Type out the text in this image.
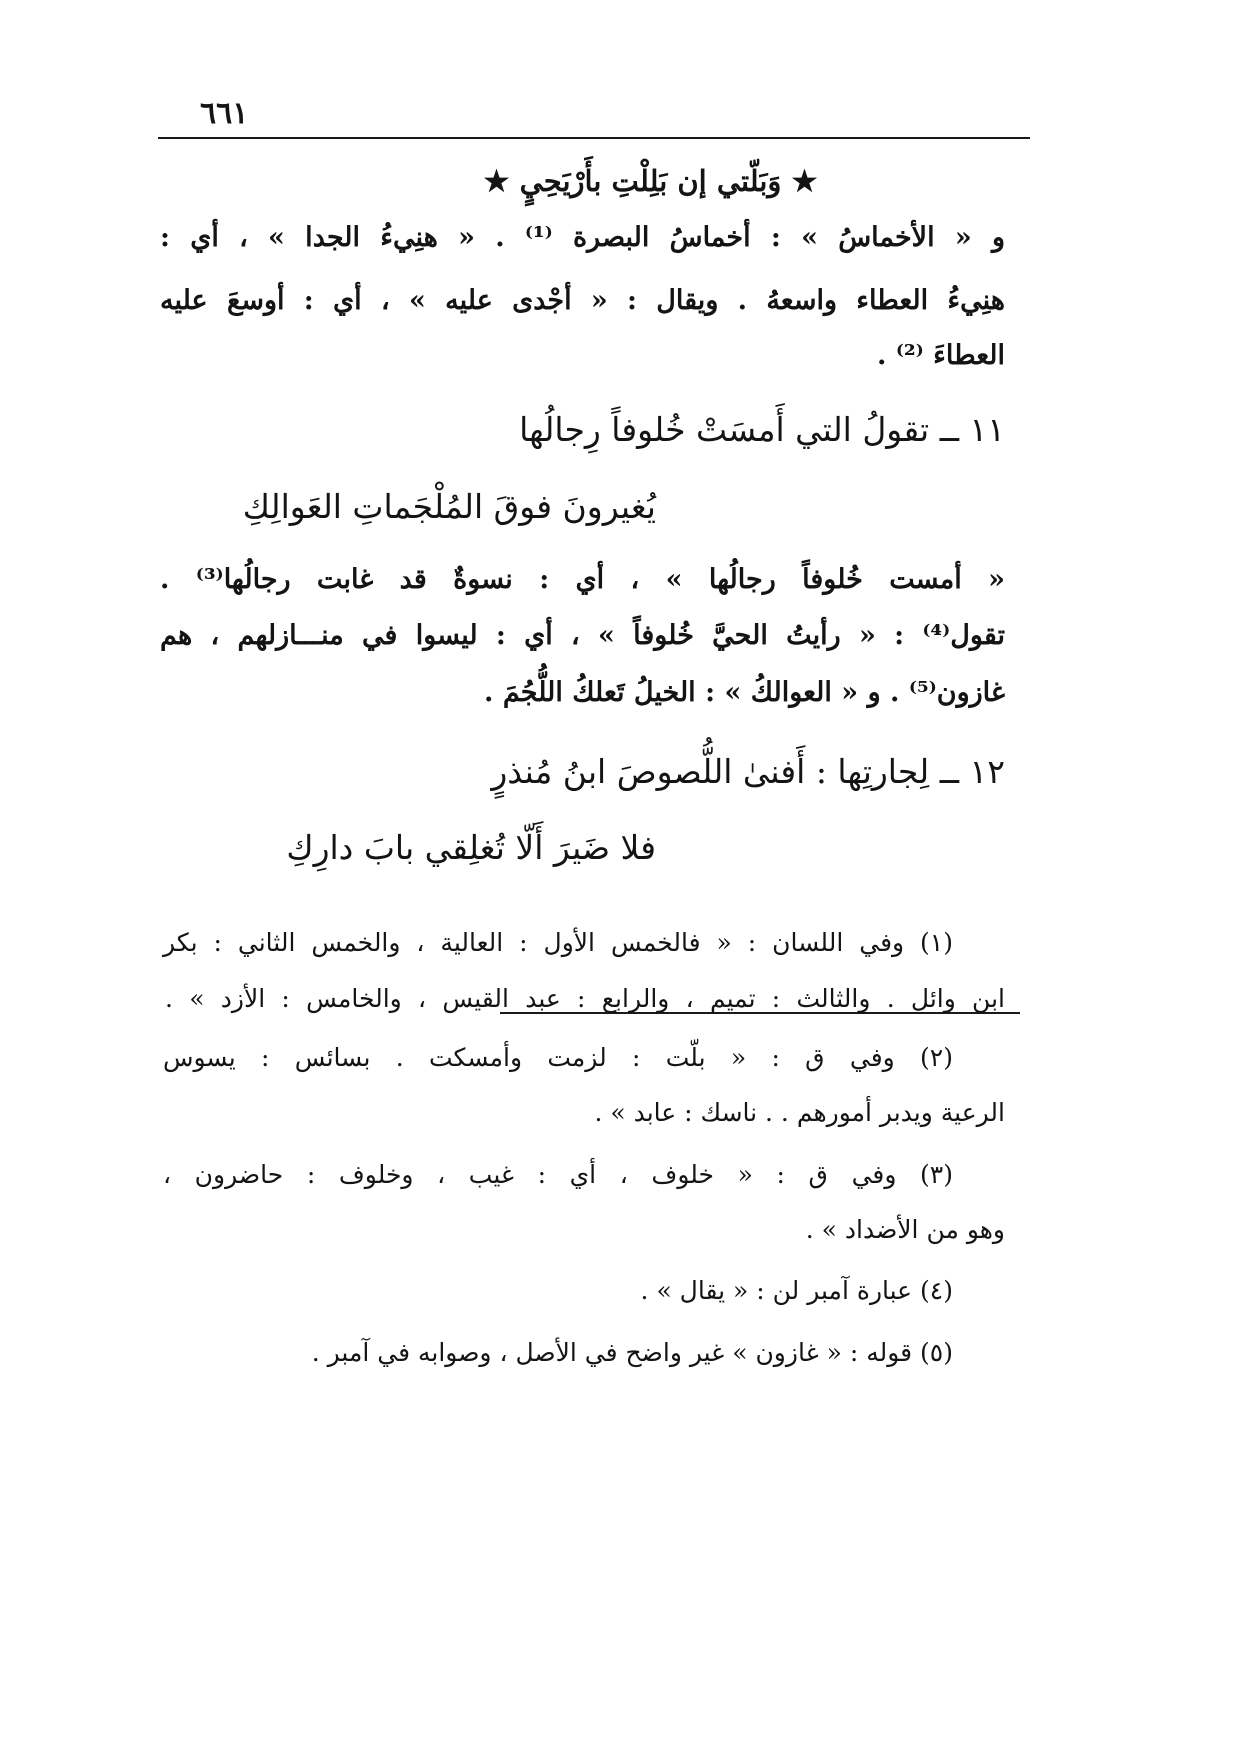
٦٦١
★ وَبَلّتي إن بَلِلْتِ بأَرْيَحِيٍ ★
و « الأخماسُ » : أخماسُ البصرة ⁽¹⁾ . « هنِيءُ الجدا » ، أي :
هنِيءُ العطاء واسعهُ . ويقال : « أجْدى عليه » ، أي : أوسعَ عليه
العطاءَ ⁽²⁾ .
١١ ــ تقولُ التي أَمسَتْ خُلوفاً رِجالُها
يُغيرونَ فوقَ المُلْجَماتِ العَوالِكِ
« أمست خُلوفاً رجالُها » ، أي : نسوةٌ قد غابت رجالُها⁽³⁾ .
تقول⁽⁴⁾ : « رأيتُ الحيَّ خُلوفاً » ، أي : ليسوا في منـــازلهم ، هم
غازون⁽⁵⁾ . و « العوالكُ » : الخيلُ تَعلكُ اللُّجُمَ .
١٢ ــ لِجارتِها : أَفنىٰ اللُّصوصَ ابنُ مُنذرٍ
فلا ضَيرَ أَلّا تُغلِقي بابَ دارِكِ
(١) وفي اللسان : « فالخمس الأول : العالية ، والخمس الثاني : بكر
ابن وائل . والثالث : تميم ، والرابع : عبد القيس ، والخامس : الأزد » .
(٢) وفي ق : « بلّت : لزمت وأمسكت . بسائس : يسوس
الرعية ويدبر أمورهم . . ناسك : عابد » .
(٣) وفي ق : « خلوف ، أي : غيب ، وخلوف : حاضرون ،
وهو من الأضداد » .
(٤) عبارة آمبر لن : « يقال » .
(٥) قوله : « غازون » غير واضح في الأصل ، وصوابه في آمبر .
